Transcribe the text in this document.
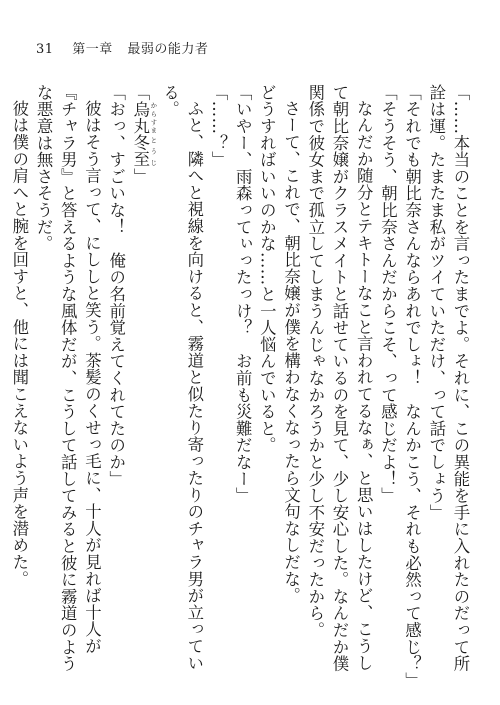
31 第一章 最弱の能力者

「……本当のことを言ったまでよ。それに、この異能を手に入れたのだって所詮は運。たまたま私がツイていただけ、って話でしょう」

「それでも朝比奈さんならあれでしょ！　なんかこう、それも必然って感じ？」

「そうそう、朝比奈さんだからこそ、って感じだよ！」

なんだか随分とテキトーなこと言われてるなぁ、と思いはしたけど、こうして朝比奈嬢がクラスメイトと話せているのを見て、少し安心した。なんだか僕関係で彼女まで孤立してしまうんじゃなかろうかと少し不安だったから。

さーて、これで、朝比奈嬢が僕を構わなくなったら文句なしだな。

どうすればいいのかな……と一人悩んでいると。

「いやー、雨森ってぃったっけ？　お前も災難だなー」

「……？」

ふと、隣へと視線を向けると、霧道と似たり寄ったりのチャラ男が立っている。

「烏丸 からすま冬至 とうじ」

「おっ、すごいな！　俺の名前覚えてくれてたのか」

彼はそう言って、にししと笑う。茶髪のくせっ毛に、十人が見れば十人が『チャラ男』と答えるような風体だが、こうして話してみると彼に霧道のような悪意は無さそうだ。

彼は僕の肩へと腕を回すと、他には聞こえないよう声を潜めた。
